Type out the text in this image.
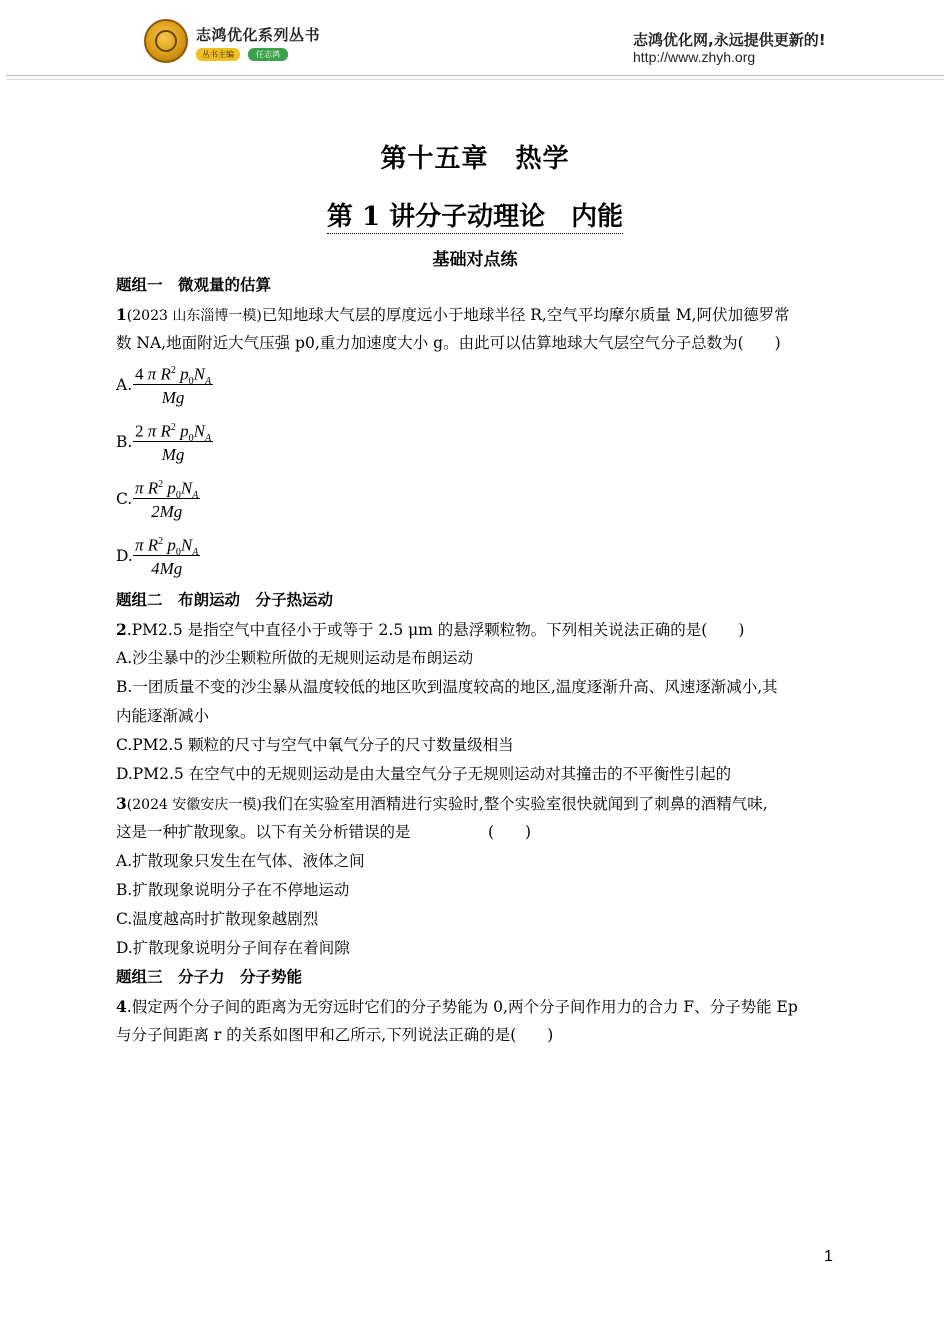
志鸿优化系列丛书
丛书主编	任志鸿
志鸿优化网,永远提供更新的!
http://www.zhyh.org
第十五章　热学
第 1 讲分子动理论　内能
基础对点练
题组一　微观量的估算
1(2023 山东淄博一模)已知地球大气层的厚度远小于地球半径 R,空气平均摩尔质量 M,阿伏加德罗常
数 NA,地面附近大气压强 p0,重力加速度大小 g。由此可以估算地球大气层空气分子总数为(　　)
A. $\frac{4 \pi R^2 p_0N_A}{Mg}$
B. $\frac{2 \pi R^2 p_0N_A}{Mg}$
C. $\frac{\pi R^2 p_0N_A}{2Mg}$
D. $\frac{\pi R^2 p_0N_A}{4Mg}$
题组二　布朗运动　分子热运动
2.PM2.5 是指空气中直径小于或等于 2.5 μm 的悬浮颗粒物。下列相关说法正确的是(　　)
A.沙尘暴中的沙尘颗粒所做的无规则运动是布朗运动
B.一团质量不变的沙尘暴从温度较低的地区吹到温度较高的地区,温度逐渐升高、风速逐渐减小,其
内能逐渐减小
C.PM2.5 颗粒的尺寸与空气中氧气分子的尺寸数量级相当
D.PM2.5 在空气中的无规则运动是由大量空气分子无规则运动对其撞击的不平衡性引起的
3(2024 安徽安庆一模)我们在实验室用酒精进行实验时,整个实验室很快就闻到了刺鼻的酒精气味,
这是一种扩散现象。以下有关分析错误的是　　　　　(　　)
A.扩散现象只发生在气体、液体之间
B.扩散现象说明分子在不停地运动
C.温度越高时扩散现象越剧烈
D.扩散现象说明分子间存在着间隙
题组三　分子力　分子势能
4.假定两个分子间的距离为无穷远时它们的分子势能为 0,两个分子间作用力的合力 F、分子势能 Ep
与分子间距离 r 的关系如图甲和乙所示,下列说法正确的是(　　)
1
